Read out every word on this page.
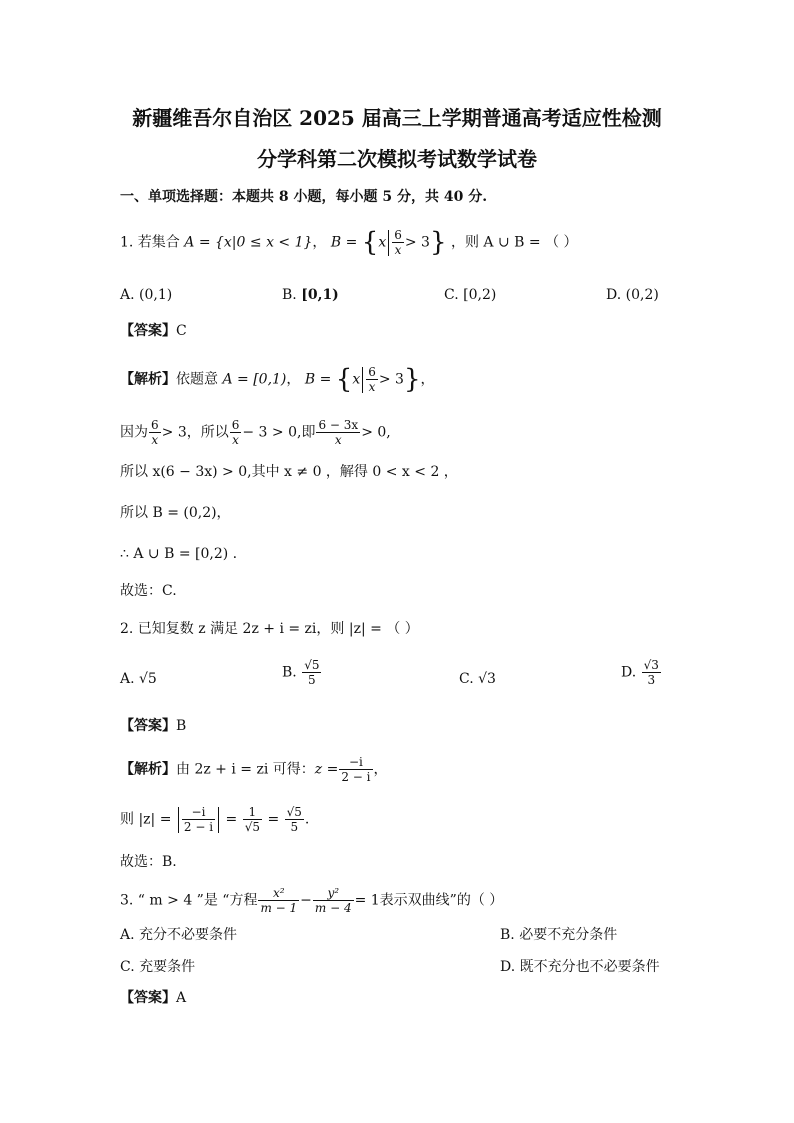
新疆维吾尔自治区 2025 届高三上学期普通高考适应性检测
分学科第二次模拟考试数学试卷
一、单项选择题：本题共 8 小题，每小题 5 分，共 40 分.
1. 若集合 A = {x|0 ≤ x < 1}， $B = \{x \frac{6}{x} > 3\}$ ，则 A ∪ B = （ ）
A. (0,1)	B. [0,1)	C. [0,2)	D. (0,2)
【答案】C
【解析】依题意 A = [0,1)， $B = \{x \frac{6}{x} > 3\}$，
因为 $\frac{6}{x} > 3$，所以 $\frac{6}{x} - 3 > 0$,即 $\frac{6 - 3x}{x} > 0$,
所以 x(6 − 3x) > 0,其中 x ≠ 0 ，解得 0 < x < 2 ，
所以 B = (0,2)，
∴ A ∪ B = [0,2) .
故选：C.
2. 已知复数 z 满足 2z + i = zi，则 |z| = （ ）
A. √5	B. $\frac{√5}{5}$	C. √3	D. $\frac{√3}{3}$
【答案】B
【解析】由 2z + i = zi 可得：$z = \frac{-i}{2 - i}$ ，
则 $|z| = \frac{-i}{2 - i} = \frac{1}{√5} = \frac{√5}{5}$ .
故选：B.
3. “ m > 4 ”是 “方程 $\frac{\text{x²}}{m - 1} - \frac{\text{y²}}{m - 4} = 1$表示双曲线”的（ ）
A. 充分不必要条件	B. 必要不充分条件
C. 充要条件	D. 既不充分也不必要条件
【答案】A
